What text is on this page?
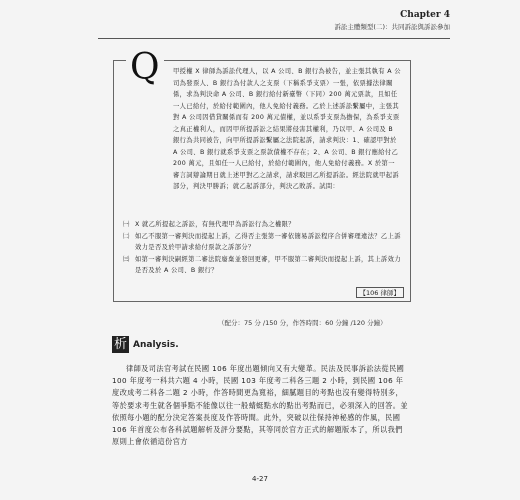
Chapter 4
訴訟主體類型(二)：共同訴訟與訴訟參加
Q	甲授權 X 律師為訴訟代理人，以 A 公司、B 銀行為被告，並主張其執有 A 公司為發票人、B 銀行為付款人之支票（下稱系爭支票）一張，依票據法律關係，求為判決命 A 公司、B 銀行給付新臺幣（下同）200 萬元票款，且如任一人已給付，於給付範圍內，他人免給付義務。乙於上述訴訟繫屬中，主張其對 A 公司因借貸關係而有 200 萬元債權，並以系爭支票為擔保，為系爭支票之真正權利人，而因甲所提訴訟之結果將侵害其權利，乃以甲、A 公司及 B 銀行為共同被告，向甲所提訴訟繫屬之法院起訴，請求判決：1、確認甲對於 A 公司、B 銀行就系爭支票之票款債權不存在；2、A 公司、B 銀行應給付乙 200 萬元，且如任一人已給付，於給付範圍內，他人免給付義務。X 於第一審言詞辯論期日就上述甲對乙之請求，請求駁回乙所提訴訟。經法院就甲起訴部分，判決甲勝訴；就乙起訴部分，判決乙敗訴。試問：

㈠ X 就乙所提起之訴訟，有無代理甲為訴訟行為之權限？
㈡ 如乙不服第一審判決而提起上訴，乙得否主張第一審依簡易訴訟程序合併審理違法？乙上訴效力是否及於甲請求給付票款之訴部分？
㈢ 如第一審判決嗣經第二審法院廢棄並發回更審，甲不服第二審判決而提起上訴，其上訴效力是否及於 A 公司、B 銀行？
【106 律師】
（配分：75 分 /150 分，作答時間：60 分鐘 /120 分鐘）
析 Analysis.

律師及司法官考試在民國 106 年度出題傾向又有大變革。民法及民事訴訟法從民國 100 年度考一科共六題 4 小時，民國 103 年度考二科各三題 2 小時，到民國 106 年度改成考二科各二題 2 小時，作答時間更為寬裕，細膩題目的考點也沒有變得特別多，等於要求考生就各個爭點不能像以往一般蜻蜓點水的點出考點而已，必須深入的回答。並依照每小題的配分決定答案長度及作答時間。此外，突破以往保持神秘感的作風，民國 106 年首度公布各科試題解析及評分要點，其等同於官方正式的解題版本了，所以我們原則上會依循這份官方

4-27
